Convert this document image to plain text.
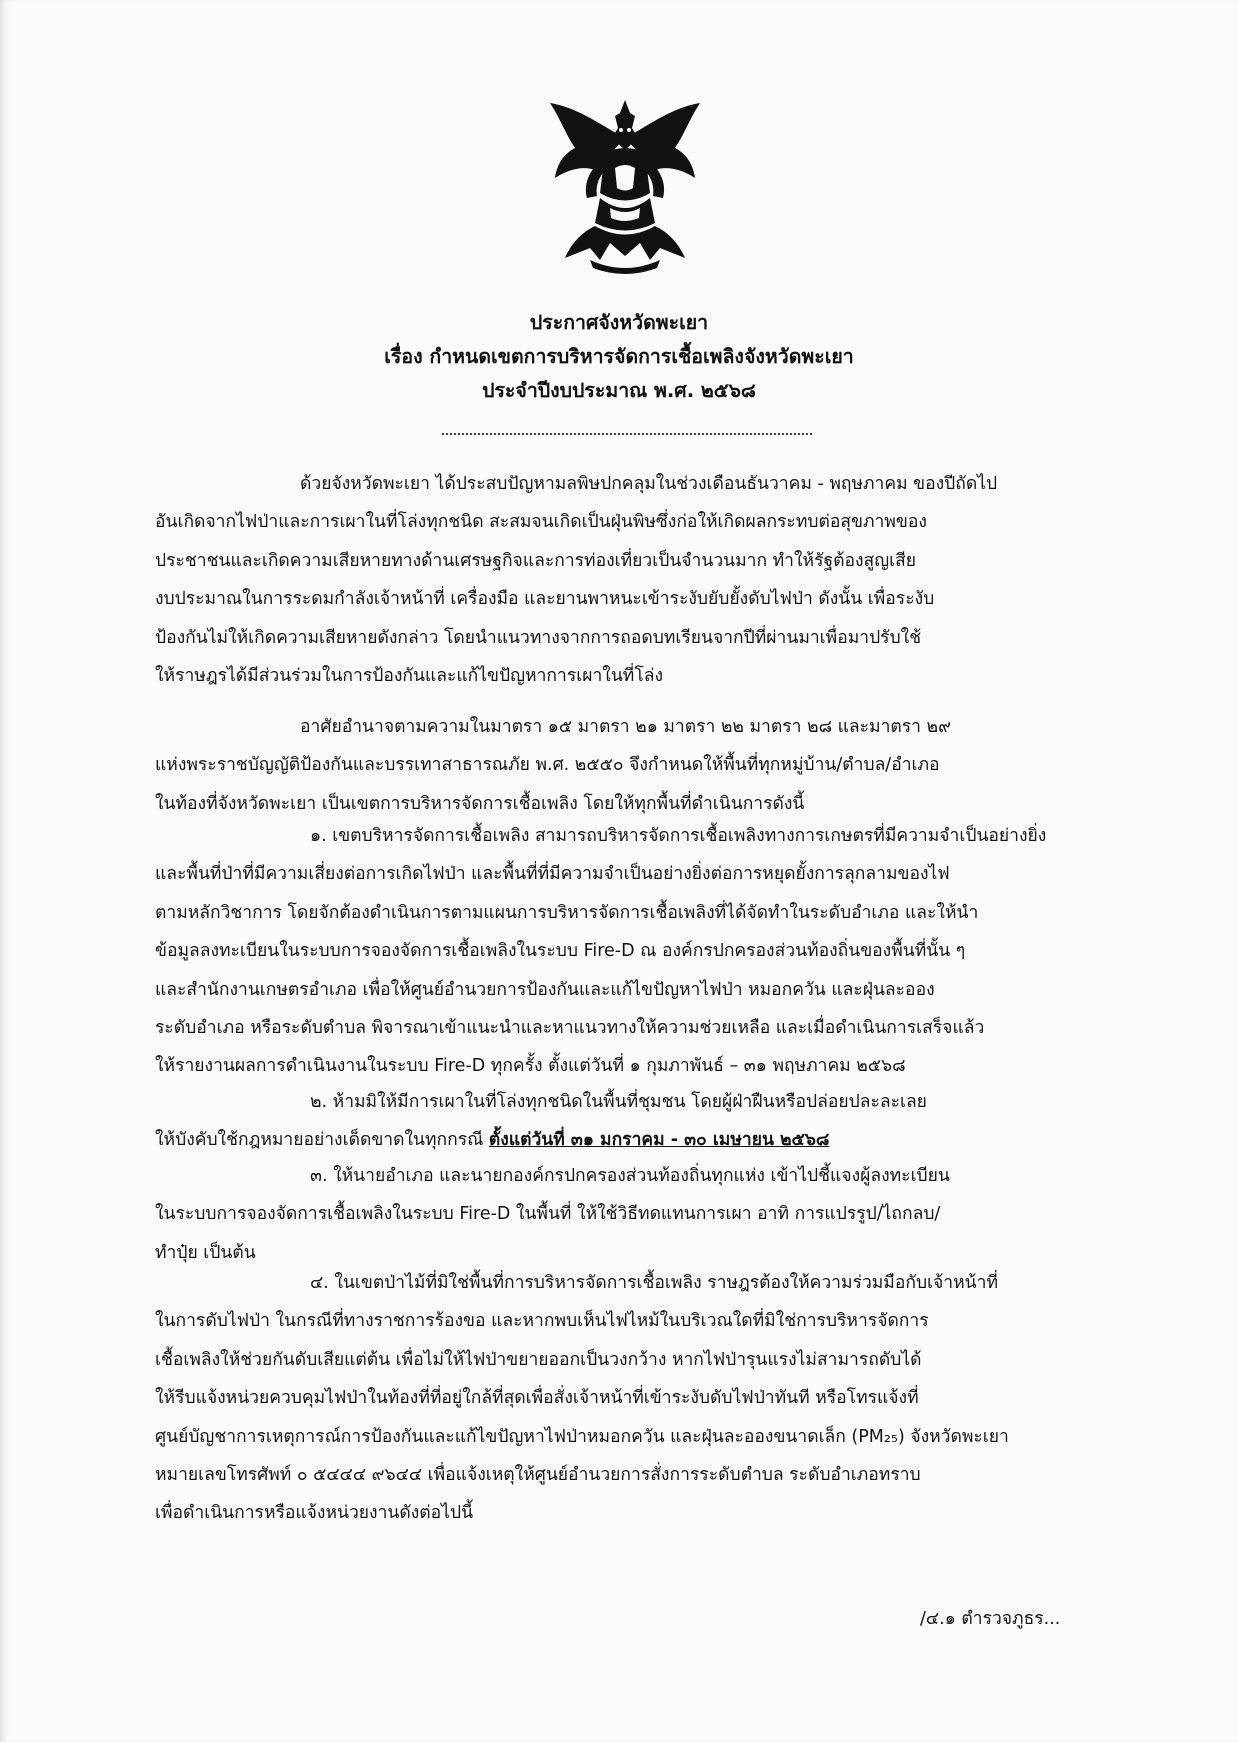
ประกาศจังหวัดพะเยา
เรื่อง กำหนดเขตการบริหารจัดการเชื้อเพลิงจังหวัดพะเยา
ประจำปีงบประมาณ พ.ศ. ๒๕๖๘
ด้วยจังหวัดพะเยา ได้ประสบปัญหามลพิษปกคลุมในช่วงเดือนธันวาคม - พฤษภาคม ของปีถัดไป
อันเกิดจากไฟป่าและการเผาในที่โล่งทุกชนิด สะสมจนเกิดเป็นฝุ่นพิษซึ่งก่อให้เกิดผลกระทบต่อสุขภาพของ
ประชาชนและเกิดความเสียหายทางด้านเศรษฐกิจและการท่องเที่ยวเป็นจำนวนมาก ทำให้รัฐต้องสูญเสีย
งบประมาณในการระดมกำลังเจ้าหน้าที่ เครื่องมือ และยานพาหนะเข้าระงับยับยั้งดับไฟป่า ดังนั้น เพื่อระงับ
ป้องกันไม่ให้เกิดความเสียหายดังกล่าว โดยนำแนวทางจากการถอดบทเรียนจากปีที่ผ่านมาเพื่อมาปรับใช้
ให้ราษฎรได้มีส่วนร่วมในการป้องกันและแก้ไขปัญหาการเผาในที่โล่ง
อาศัยอำนาจตามความในมาตรา ๑๕ มาตรา ๒๑ มาตรา ๒๒ มาตรา ๒๘ และมาตรา ๒๙
แห่งพระราชบัญญัติป้องกันและบรรเทาสาธารณภัย พ.ศ. ๒๕๕๐ จึงกำหนดให้พื้นที่ทุกหมู่บ้าน/ตำบล/อำเภอ
ในท้องที่จังหวัดพะเยา เป็นเขตการบริหารจัดการเชื้อเพลิง โดยให้ทุกพื้นที่ดำเนินการดังนี้
๑. เขตบริหารจัดการเชื้อเพลิง สามารถบริหารจัดการเชื้อเพลิงทางการเกษตรที่มีความจำเป็นอย่างยิ่ง
และพื้นที่ป่าที่มีความเสี่ยงต่อการเกิดไฟป่า และพื้นที่ที่มีความจำเป็นอย่างยิ่งต่อการหยุดยั้งการลุกลามของไฟ
ตามหลักวิชาการ โดยจักต้องดำเนินการตามแผนการบริหารจัดการเชื้อเพลิงที่ได้จัดทำในระดับอำเภอ และให้นำ
ข้อมูลลงทะเบียนในระบบการจองจัดการเชื้อเพลิงในระบบ Fire-D ณ องค์กรปกครองส่วนท้องถิ่นของพื้นที่นั้น ๆ
และสำนักงานเกษตรอำเภอ เพื่อให้ศูนย์อำนวยการป้องกันและแก้ไขปัญหาไฟป่า หมอกควัน และฝุ่นละออง
ระดับอำเภอ หรือระดับตำบล พิจารณาเข้าแนะนำและหาแนวทางให้ความช่วยเหลือ และเมื่อดำเนินการเสร็จแล้ว
ให้รายงานผลการดำเนินงานในระบบ Fire-D ทุกครั้ง ตั้งแต่วันที่ ๑ กุมภาพันธ์ – ๓๑ พฤษภาคม ๒๕๖๘
๒. ห้ามมิให้มีการเผาในที่โล่งทุกชนิดในพื้นที่ชุมชน โดยผู้ฝ่าฝืนหรือปล่อยปละละเลย
ให้บังคับใช้กฎหมายอย่างเด็ดขาดในทุกกรณี ตั้งแต่วันที่ ๓๑ มกราคม - ๓๐ เมษายน ๒๕๖๘
๓. ให้นายอำเภอ และนายกองค์กรปกครองส่วนท้องถิ่นทุกแห่ง เข้าไปชี้แจงผู้ลงทะเบียน
ในระบบการจองจัดการเชื้อเพลิงในระบบ Fire-D ในพื้นที่ ให้ใช้วิธีทดแทนการเผา อาทิ การแปรรูป/ไถกลบ/
ทำปุ๋ย เป็นต้น
๔. ในเขตป่าไม้ที่มิใช่พื้นที่การบริหารจัดการเชื้อเพลิง ราษฎรต้องให้ความร่วมมือกับเจ้าหน้าที่
ในการดับไฟป่า ในกรณีที่ทางราชการร้องขอ และหากพบเห็นไฟไหม้ในบริเวณใดที่มิใช่การบริหารจัดการ
เชื้อเพลิงให้ช่วยกันดับเสียแต่ต้น เพื่อไม่ให้ไฟป่าขยายออกเป็นวงกว้าง หากไฟป่ารุนแรงไม่สามารถดับได้
ให้รีบแจ้งหน่วยควบคุมไฟป่าในท้องที่ที่อยู่ใกล้ที่สุดเพื่อสั่งเจ้าหน้าที่เข้าระงับดับไฟป่าทันที หรือโทรแจ้งที่
ศูนย์บัญชาการเหตุการณ์การป้องกันและแก้ไขปัญหาไฟป่าหมอกควัน และฝุ่นละอองขนาดเล็ก (PM₂₅) จังหวัดพะเยา
หมายเลขโทรศัพท์ ๐ ๕๔๔๔ ๙๖๔๔ เพื่อแจ้งเหตุให้ศูนย์อำนวยการสั่งการระดับตำบล ระดับอำเภอทราบ
เพื่อดำเนินการหรือแจ้งหน่วยงานดังต่อไปนี้
/๔.๑ ตำรวจภูธร...
